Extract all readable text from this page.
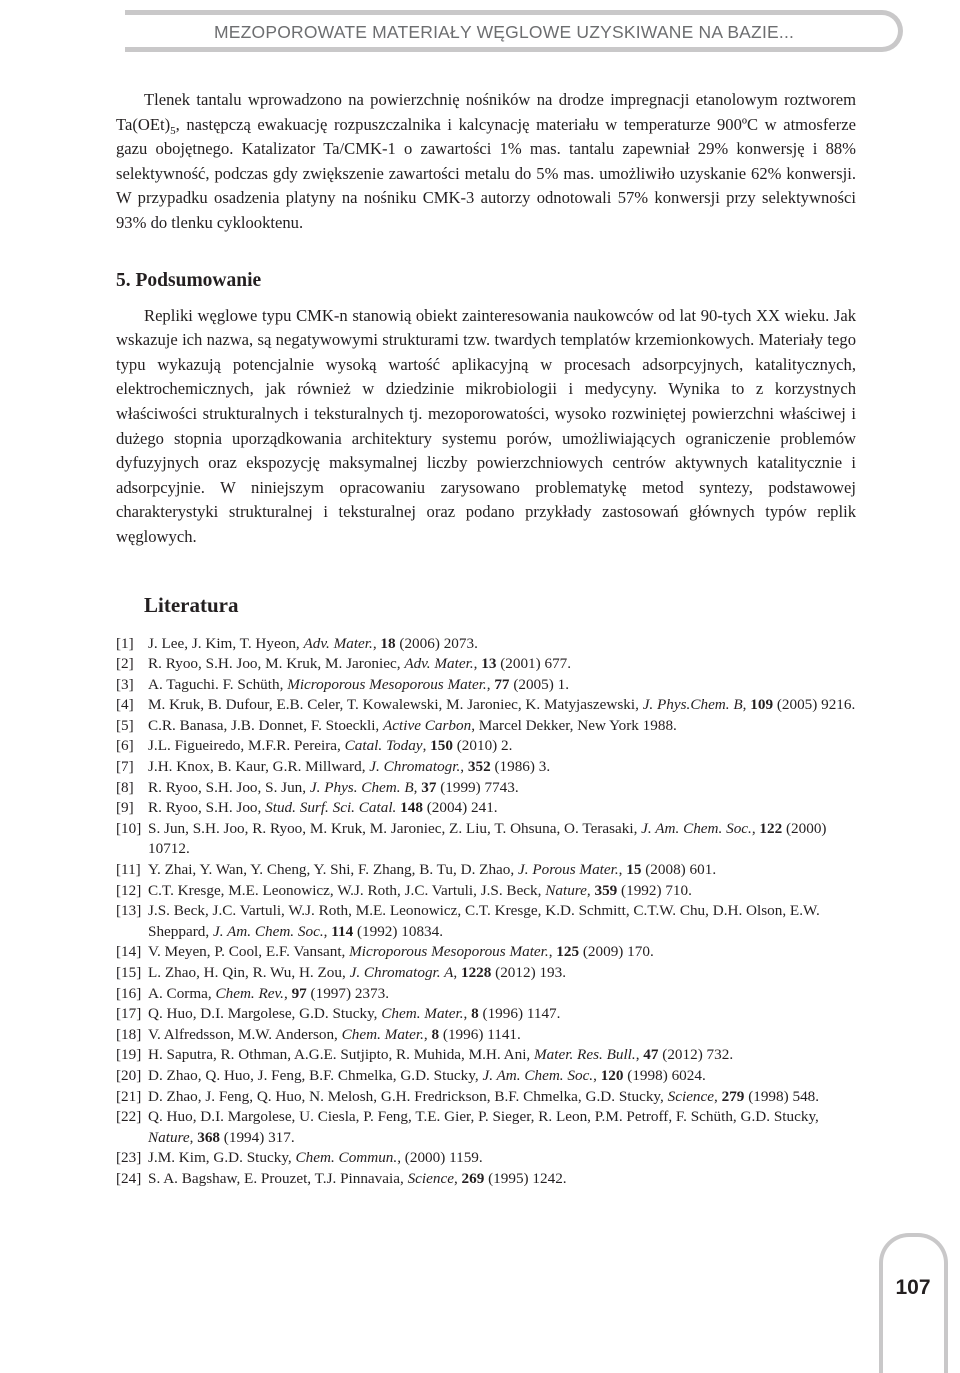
MEZOPOROWATE MATERIAŁY WĘGLOWE UZYSKIWANE NA BAZIE...

Tlenek tantalu wprowadzono na powierzchnię nośników na drodze impregnacji etanolowym roztworem $Ta(OEt)_5$, następczą ewakuację rozpuszczalnika i kalcynację materiału w temperaturze 900ºC w atmosferze gazu obojętnego. Katalizator Ta/CMK-1 o zawartości 1% mas. tantalu zapewniał 29% konwersję i 88% selektywność, podczas gdy zwiększenie zawartości metalu do 5% mas. umożliwiło uzyskanie 62% konwersji. W przypadku osadzenia platyny na nośniku CMK-3 autorzy odnotowali 57% konwersji przy selektywności 93% do tlenku cyklooktenu.

5. Podsumowanie

Repliki węglowe typu CMK-n stanowią obiekt zainteresowania naukowców od lat 90-tych XX wieku. Jak wskazuje ich nazwa, są negatywowymi strukturami tzw. twardych templatów krzemionkowych. Materiały tego typu wykazują potencjalnie wysoką wartość aplikacyjną w procesach adsorpcyjnych, katalitycznych, elektrochemicznych, jak również w dziedzinie mikrobiologii i medycyny. Wynika to z korzystnych właściwości strukturalnych i teksturalnych tj. mezoporowatości, wysoko rozwiniętej powierzchni właściwej i dużego stopnia uporządkowania architektury systemu porów, umożliwiających ograniczenie problemów dyfuzyjnych oraz ekspozycję maksymalnej liczby powierzchniowych centrów aktywnych katalitycznie i adsorpcyjnie. W niniejszym opracowaniu zarysowano problematykę metod syntezy, podstawowej charakterystyki strukturalnej i teksturalnej oraz podano przykłady zastosowań głównych typów replik węglowych.

Literatura
[1] J. Lee, J. Kim, T. Hyeon, Adv. Mater., 18 (2006) 2073.
[2] R. Ryoo, S.H. Joo, M. Kruk, M. Jaroniec, Adv. Mater., 13 (2001) 677.
[3] A. Taguchi. F. Schüth, Microporous Mesoporous Mater., 77 (2005) 1.
[4] M. Kruk, B. Dufour, E.B. Celer, T. Kowalewski, M. Jaroniec, K. Matyjaszewski, J. Phys.Chem. B, 109 (2005) 9216.
[5] C.R. Banasa, J.B. Donnet, F. Stoeckli, Active Carbon, Marcel Dekker, New York 1988.
[6] J.L. Figueiredo, M.F.R. Pereira, Catal. Today, 150 (2010) 2.
[7] J.H. Knox, B. Kaur, G.R. Millward, J. Chromatogr., 352 (1986) 3.
[8] R. Ryoo, S.H. Joo, S. Jun, J. Phys. Chem. B, 37 (1999) 7743.
[9] R. Ryoo, S.H. Joo, Stud. Surf. Sci. Catal. 148 (2004) 241.
[10] S. Jun, S.H. Joo, R. Ryoo, M. Kruk, M. Jaroniec, Z. Liu, T. Ohsuna, O. Terasaki, J. Am. Chem. Soc., 122 (2000) 10712.
[11] Y. Zhai, Y. Wan, Y. Cheng, Y. Shi, F. Zhang, B. Tu, D. Zhao, J. Porous Mater., 15 (2008) 601.
[12] C.T. Kresge, M.E. Leonowicz, W.J. Roth, J.C. Vartuli, J.S. Beck, Nature, 359 (1992) 710.
[13] J.S. Beck, J.C. Vartuli, W.J. Roth, M.E. Leonowicz, C.T. Kresge, K.D. Schmitt, C.T.W. Chu, D.H. Olson, E.W. Sheppard, J. Am. Chem. Soc., 114 (1992) 10834.
[14] V. Meyen, P. Cool, E.F. Vansant, Microporous Mesoporous Mater., 125 (2009) 170.
[15] L. Zhao, H. Qin, R. Wu, H. Zou, J. Chromatogr. A, 1228 (2012) 193.
[16] A. Corma, Chem. Rev., 97 (1997) 2373.
[17] Q. Huo, D.I. Margolese, G.D. Stucky, Chem. Mater., 8 (1996) 1147.
[18] V. Alfredsson, M.W. Anderson, Chem. Mater., 8 (1996) 1141.
[19] H. Saputra, R. Othman, A.G.E. Sutjipto, R. Muhida, M.H. Ani, Mater. Res. Bull., 47 (2012) 732.
[20] D. Zhao, Q. Huo, J. Feng, B.F. Chmelka, G.D. Stucky, J. Am. Chem. Soc., 120 (1998) 6024.
[21] D. Zhao, J. Feng, Q. Huo, N. Melosh, G.H. Fredrickson, B.F. Chmelka, G.D. Stucky, Science, 279 (1998) 548.
[22] Q. Huo, D.I. Margolese, U. Ciesla, P. Feng, T.E. Gier, P. Sieger, R. Leon, P.M. Petroff, F. Schüth, G.D. Stucky, Nature, 368 (1994) 317.
[23] J.M. Kim, G.D. Stucky, Chem. Commun., (2000) 1159.
[24] S. A. Bagshaw, E. Prouzet, T.J. Pinnavaia, Science, 269 (1995) 1242.
107
